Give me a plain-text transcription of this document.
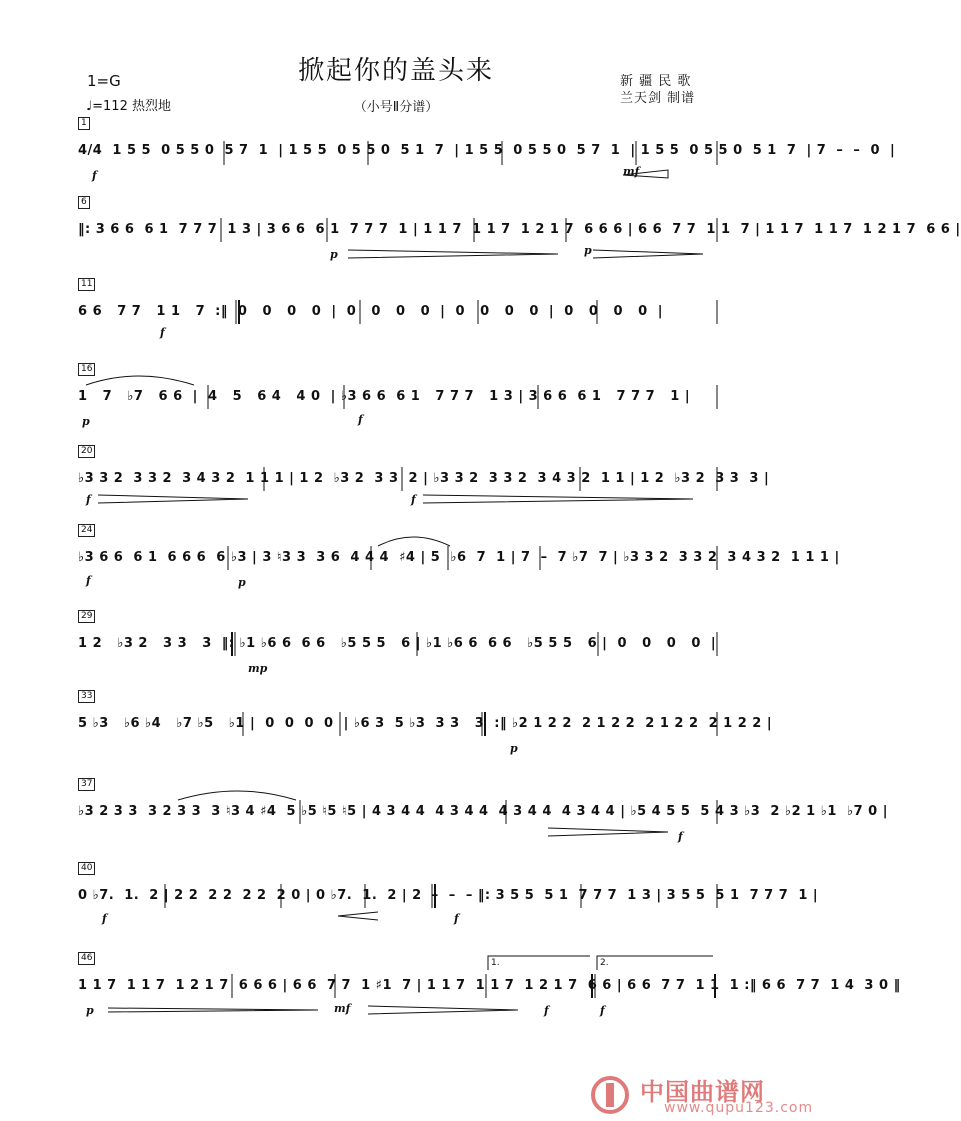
掀起你的盖头来
（小号Ⅱ分谱）
1=G
♩=112 热烈地
新 疆 民 歌
兰天剑 制谱
1
4/4  1 5 5  0 5 5 0  5 7  1  | 1 5 5  0 5 5 0  5 1  7  | 1 5 5  0 5 5 0  5 7  1  | 1 5 5  0 5 5 0  5 1  7  | 7  –  –  0  |
f	mf
6
‖: 3 6 6  6 1  7 7 7  1 3 | 3 6 6  6 1  7 7 7  1 | 1 1 7  1 1 7  1 2 1 7  6 6 6 | 6 6  7 7  1 1  7 | 1 1 7  1 1 7  1 2 1 7  6 6 |
p	p
11
6 6   7 7   1 1   7  :‖  0   0   0   0  |  0   0   0   0  |  0   0   0   0  |  0   0   0   0  |
f
16
1   7   ♭7   6 6  |  4   5   6 4   4 0  | ♭3 6 6  6 1   7 7 7   1 3 | 3 6 6  6 1   7 7 7   1 |
p	f
20
♭3 3 2  3 3 2  3 4 3 2  1 1 1 | 1 2  ♭3 2  3 3  2 | ♭3 3 2  3 3 2  3 4 3 2  1 1 | 1 2  ♭3 2  3 3  3 |
f	f
24
♭3 6 6  6 1  6 6 6  6 ♭3 | 3 ♮3 3  3 6  4 4 4  ♯4 | 5  ♭6  7  1 | 7  –  7 ♭7  7 | ♭3 3 2  3 3 2  3 4 3 2  1 1 1 |
f	p
29
1 2   ♭3 2   3 3   3  ‖: ♭1 ♭6 6  6 6   ♭5 5 5   6 | ♭1 ♭6 6  6 6   ♭5 5 5   6 |  0   0   0   0  |
mp
33
5 ♭3   ♭6 ♭4   ♭7 ♭5   ♭1 |  0  0  0  0  | ♭6 3  5 ♭3  3 3   3  :‖ ♭2 1 2 2  2 1 2 2  2 1 2 2  2 1 2 2 |
p
37
♭3 2 3 3  3 2 3 3  3 ♮3 4 ♯4  5 ♭5 ♮5 ♮5 | 4 3 4 4  4 3 4 4  4 3 4 4  4 3 4 4 | ♭5 4 5 5  5 4 3 ♭3  2 ♭2 1 ♭1  ♭7 0 |
f
40
0 ♭7.  1.  2 | 2 2  2 2  2 2  2 0 | 0 ♭7.  1.  2 | 2  –  –  – ‖: 3 5 5  5 1  7 7 7  1 3 | 3 5 5  5 1  7 7 7  1 |
f	f
46	1.	2.
1 1 7  1 1 7  1 2 1 7  6 6 6 | 6 6  7 7  1 ♯1  7 | 1 1 7  1 1 7  1 2 1 7  6 6 | 6 6  7 7  1 1  1 :‖ 6 6  7 7  1 4  3 0 ‖
p	mf	f	f
中国曲谱网
www.qupu123.com
